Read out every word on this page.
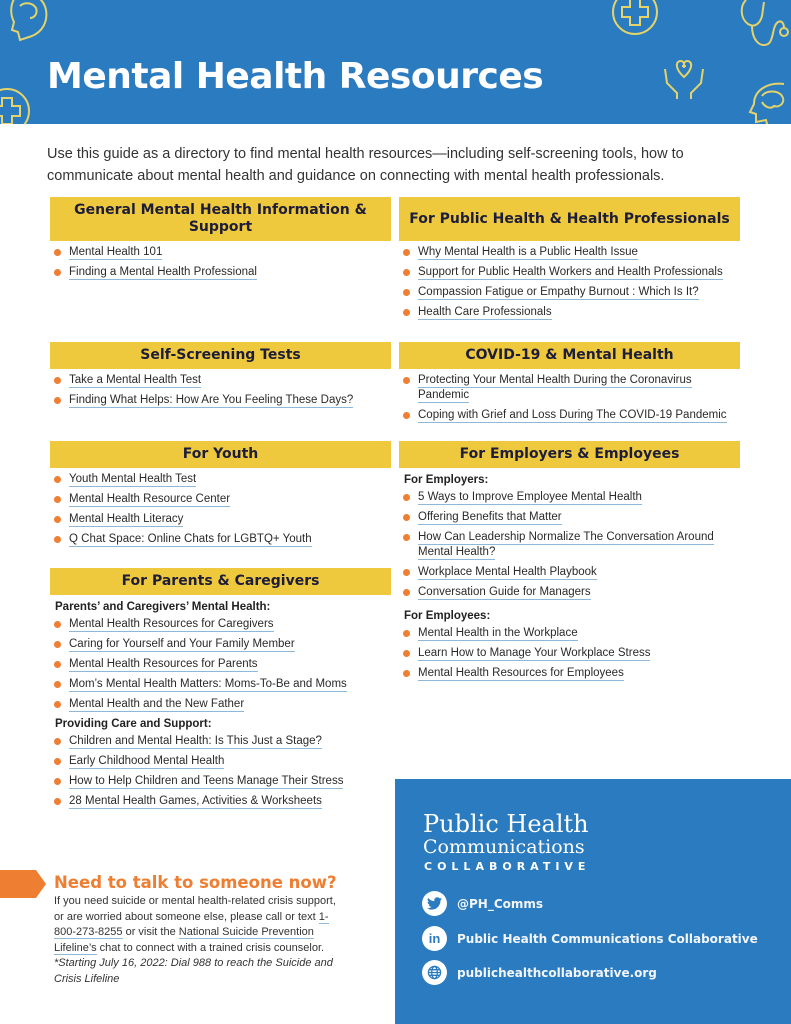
Mental Health Resources

Use this guide as a directory to find mental health resources—including self-screening tools, how to communicate about mental health and guidance on connecting with mental health professionals.

General Mental Health Information & Support
Mental Health 101
Finding a Mental Health Professional
For Public Health & Health Professionals
Why Mental Health is a Public Health Issue
Support for Public Health Workers and Health Professionals
Compassion Fatigue or Empathy Burnout : Which Is It?
Health Care Professionals
Self-Screening Tests
Take a Mental Health Test
Finding What Helps: How Are You Feeling These Days?
COVID-19 & Mental Health
Protecting Your Mental Health During the Coronavirus Pandemic
Coping with Grief and Loss During The COVID-19 Pandemic
For Youth
Youth Mental Health Test
Mental Health Resource Center
Mental Health Literacy
Q Chat Space: Online Chats for LGBTQ+ Youth
For Employers & Employees
For Employers:
5 Ways to Improve Employee Mental Health
Offering Benefits that Matter
How Can Leadership Normalize The Conversation Around Mental Health?
Workplace Mental Health Playbook
Conversation Guide for Managers
For Employees:
Mental Health in the Workplace
Learn How to Manage Your Workplace Stress
Mental Health Resources for Employees
For Parents & Caregivers
Parents’ and Caregivers’ Mental Health:
Mental Health Resources for Caregivers
Caring for Yourself and Your Family Member
Mental Health Resources for Parents
Mom’s Mental Health Matters: Moms-To-Be and Moms
Mental Health and the New Father
Providing Care and Support:
Children and Mental Health: Is This Just a Stage?
Early Childhood Mental Health
How to Help Children and Teens Manage Their Stress
28 Mental Health Games, Activities & Worksheets
Need to talk to someone now?
If you need suicide or mental health-related crisis support, or are worried about someone else, please call or text 1-800-273-8255 or visit the National Suicide Prevention Lifeline’s chat to connect with a trained crisis counselor. *Starting July 16, 2022: Dial 988 to reach the Suicide and Crisis Lifeline
Public Health
Communications
COLLABORATIVE
@PH_Comms
in	Public Health Communications Collaborative
publichealthcollaborative.org
